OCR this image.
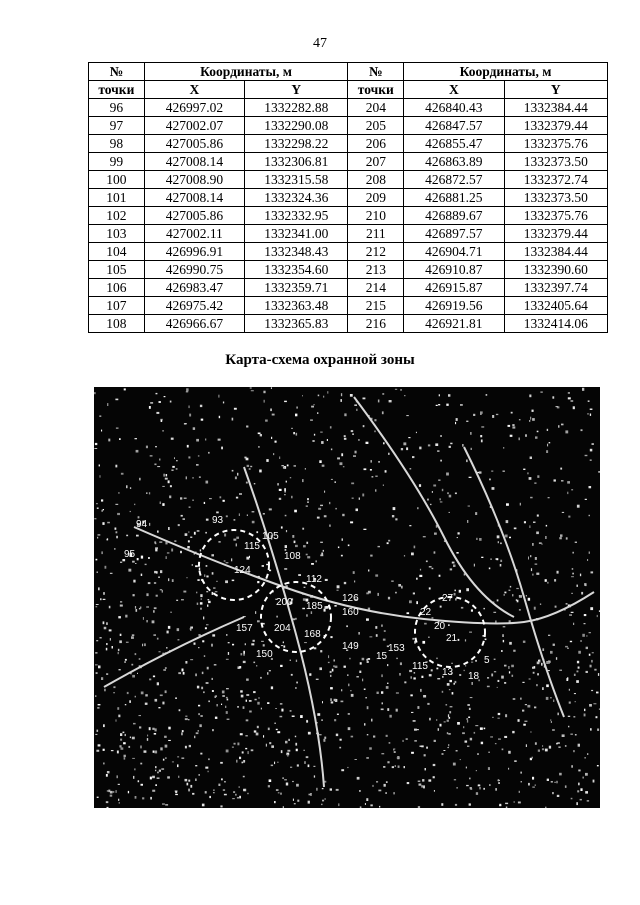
47
№	Координаты, м		№	Координаты, м	
точки	X	Y	точки	X	Y
96	426997.02	1332282.88	204	426840.43	1332384.44
97	427002.07	1332290.08	205	426847.57	1332379.44
98	427005.86	1332298.22	206	426855.47	1332375.76
99	427008.14	1332306.81	207	426863.89	1332373.50
100	427008.90	1332315.58	208	426872.57	1332372.74
101	427008.14	1332324.36	209	426881.25	1332373.50
102	427005.86	1332332.95	210	426889.67	1332375.76
103	427002.11	1332341.00	211	426897.57	1332379.44
104	426996.91	1332348.43	212	426904.71	1332384.44
105	426990.75	1332354.60	213	426910.87	1332390.60
106	426983.47	1332359.71	214	426915.87	1332397.74
107	426975.42	1332363.48	215	426919.56	1332405.64
108	426966.67	1332365.83	216	426921.81	1332414.06
Карта-схема охранной зоны
94	93
95
115
124
105
108
112
126
200 185
204
168
160
157
150
149	153
15
22
27
20
21
115
13 18
5
